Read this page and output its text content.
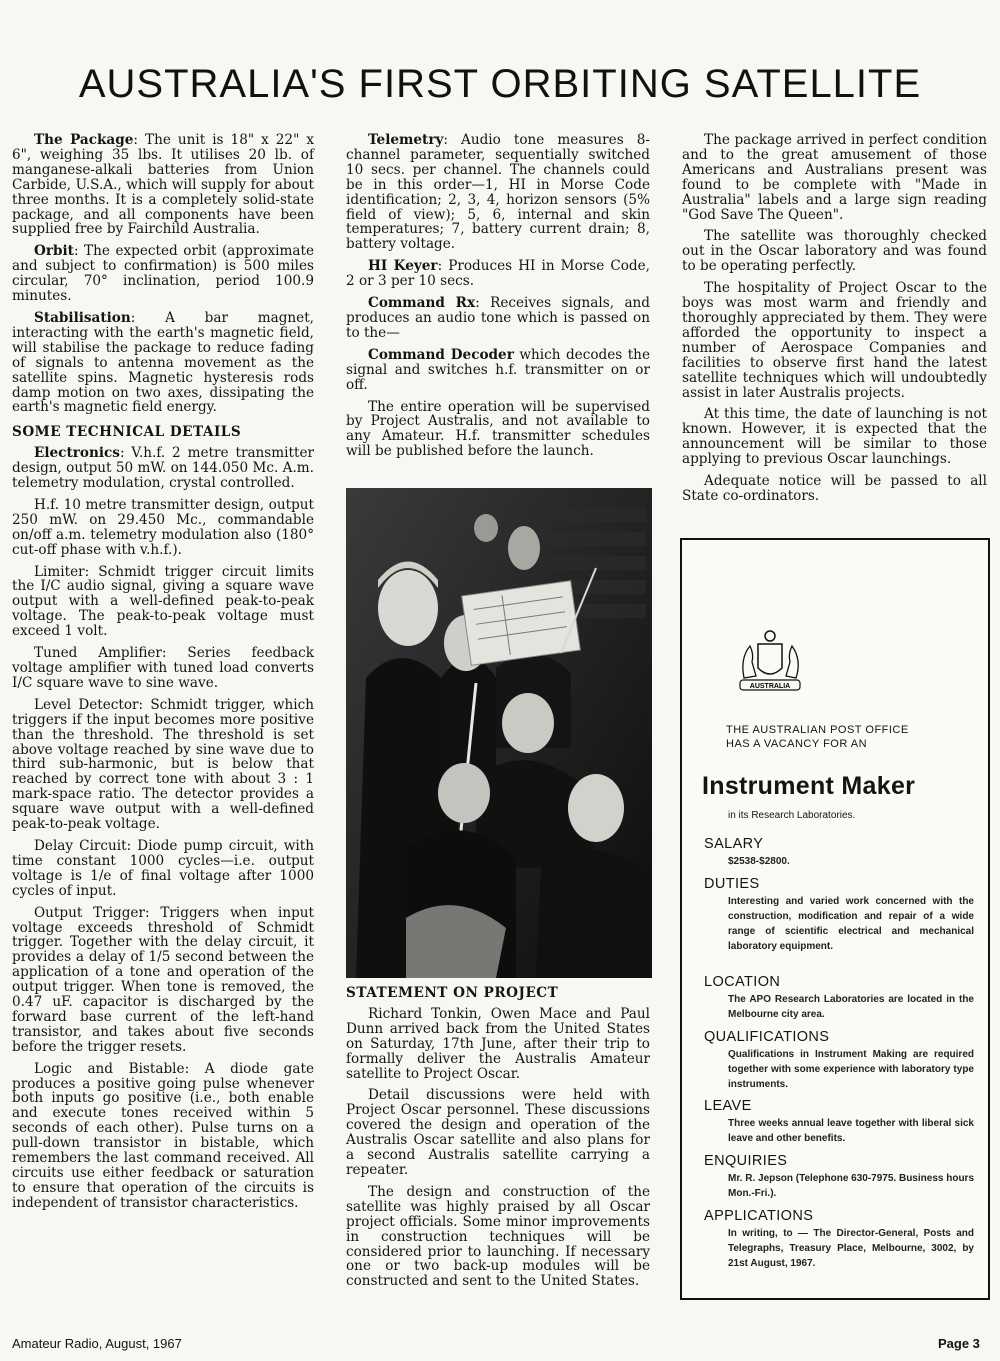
AUSTRALIA'S FIRST ORBITING SATELLITE

The Package: The unit is 18" x 22" x 6", weighing 35 lbs. It utilises 20 lb. of manganese-alkali batteries from Union Carbide, U.S.A., which will supply for about three months. It is a completely solid-state package, and all components have been supplied free by Fairchild Australia.

Orbit: The expected orbit (approximate and subject to confirmation) is 500 miles circular, 70° inclination, period 100.9 minutes.

Stabilisation: A bar magnet, interacting with the earth's magnetic field, will stabilise the package to reduce fading of signals to antenna movement as the satellite spins. Magnetic hysteresis rods damp motion on two axes, dissipating the earth's magnetic field energy.

SOME TECHNICAL DETAILS

Electronics: V.h.f. 2 metre transmitter design, output 50 mW. on 144.050 Mc. A.m. telemetry modulation, crystal controlled.

H.f. 10 metre transmitter design, output 250 mW. on 29.450 Mc., commandable on/off a.m. telemetry modulation also (180° cut-off phase with v.h.f.).

Limiter: Schmidt trigger circuit limits the I/C audio signal, giving a square wave output with a well-defined peak-to-peak voltage. The peak-to-peak voltage must exceed 1 volt.

Tuned Amplifier: Series feedback voltage amplifier with tuned load converts I/C square wave to sine wave.

Level Detector: Schmidt trigger, which triggers if the input becomes more positive than the threshold. The threshold is set above voltage reached by sine wave due to third sub-harmonic, but is below that reached by correct tone with about 3 : 1 mark-space ratio. The detector provides a square wave output with a well-defined peak-to-peak voltage.

Delay Circuit: Diode pump circuit, with time constant 1000 cycles—i.e. output voltage is 1/e of final voltage after 1000 cycles of input.

Output Trigger: Triggers when input voltage exceeds threshold of Schmidt trigger. Together with the delay circuit, it provides a delay of 1/5 second between the application of a tone and operation of the output trigger. When tone is removed, the 0.47 uF. capacitor is discharged by the forward base current of the left-hand transistor, and takes about five seconds before the trigger resets.

Logic and Bistable: A diode gate produces a positive going pulse whenever both inputs go positive (i.e., both enable and execute tones received within 5 seconds of each other). Pulse turns on a pull-down transistor in bistable, which remembers the last command received. All circuits use either feedback or saturation to ensure that operation of the circuits is independent of transistor characteristics.

Telemetry: Audio tone measures 8-channel parameter, sequentially switched 10 secs. per channel. The channels could be in this order—1, HI in Morse Code identification; 2, 3, 4, horizon sensors (5% field of view); 5, 6, internal and skin temperatures; 7, battery current drain; 8, battery voltage.

HI Keyer: Produces HI in Morse Code, 2 or 3 per 10 secs.

Command Rx: Receives signals, and produces an audio tone which is passed on to the—

Command Decoder which decodes the signal and switches h.f. transmitter on or off.

The entire operation will be supervised by Project Australis, and not available to any Amateur. H.f. transmitter schedules will be published before the launch.

STATEMENT ON PROJECT

Richard Tonkin, Owen Mace and Paul Dunn arrived back from the United States on Saturday, 17th June, after their trip to formally deliver the Australis Amateur satellite to Project Oscar.

Detail discussions were held with Project Oscar personnel. These discussions covered the design and operation of the Australis Oscar satellite and also plans for a second Australis satellite carrying a repeater.

The design and construction of the satellite was highly praised by all Oscar project officials. Some minor improvements in construction techniques will be considered prior to launching. If necessary one or two back-up modules will be constructed and sent to the United States.

The package arrived in perfect condition and to the great amusement of those Americans and Australians present was found to be complete with "Made in Australia" labels and a large sign reading "God Save The Queen".

The satellite was thoroughly checked out in the Oscar laboratory and was found to be operating perfectly.

The hospitality of Project Oscar to the boys was most warm and friendly and thoroughly appreciated by them. They were afforded the opportunity to inspect a number of Aerospace Companies and facilities to observe first hand the latest satellite techniques which will undoubtedly assist in later Australis projects.

At this time, the date of launching is not known. However, it is expected that the announcement will be similar to those applying to previous Oscar launchings.

Adequate notice will be passed to all State co-ordinators.

AUSTRALIA
THE AUSTRALIAN POST OFFICE
HAS A VACANCY FOR AN
Instrument Maker
in its Research Laboratories.
SALARY
$2538-$2800.
DUTIES
Interesting and varied work concerned with the construction, modification and repair of a wide range of scientific electrical and mechanical laboratory equipment.
LOCATION
The APO Research Laboratories are located in the Melbourne city area.
QUALIFICATIONS
Qualifications in Instrument Making are required together with some experience with laboratory type instruments.
LEAVE
Three weeks annual leave together with liberal sick leave and other benefits.
ENQUIRIES
Mr. R. Jepson (Telephone 630-7975. Business hours Mon.-Fri.).
APPLICATIONS
In writing, to — The Director-General, Posts and Telegraphs, Treasury Place, Melbourne, 3002, by 21st August, 1967.
Amateur Radio, August, 1967	Page 3
